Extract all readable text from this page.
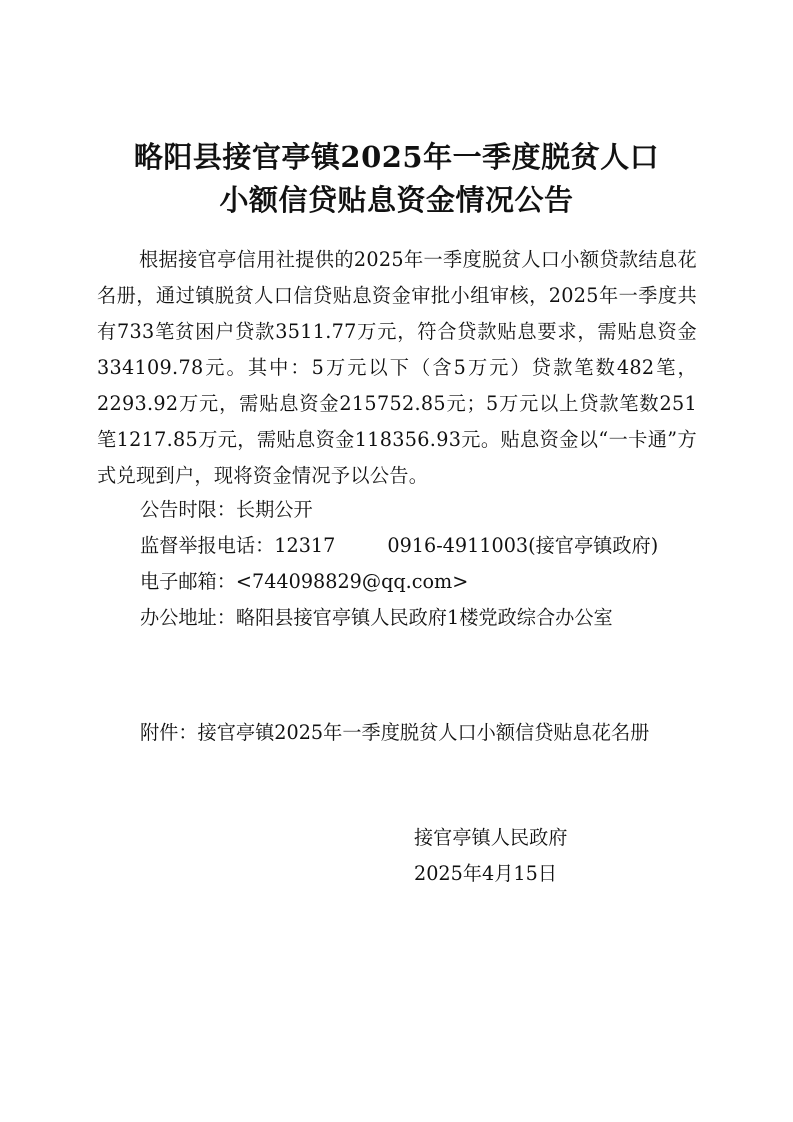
略阳县接官亭镇2025年一季度脱贫人口
小额信贷贴息资金情况公告
根据接官亭信用社提供的2025年一季度脱贫人口小额贷款结息花名册，通过镇脱贫人口信贷贴息资金审批小组审核，2025年一季度共有733笔贫困户贷款3511.77万元，符合贷款贴息要求，需贴息资金334109.78元。其中：5万元以下（含5万元）贷款笔数482笔，2293.92万元，需贴息资金215752.85元；5万元以上贷款笔数251笔1217.85万元，需贴息资金118356.93元。贴息资金以“一卡通”方式兑现到户，现将资金情况予以公告。
公告时限：长期公开
监督举报电话：12317	0916-4911003(接官亭镇政府)
电子邮箱：<744098829@qq.com>
办公地址：略阳县接官亭镇人民政府1楼党政综合办公室
附件：接官亭镇2025年一季度脱贫人口小额信贷贴息花名册
接官亭镇人民政府
2025年4月15日
